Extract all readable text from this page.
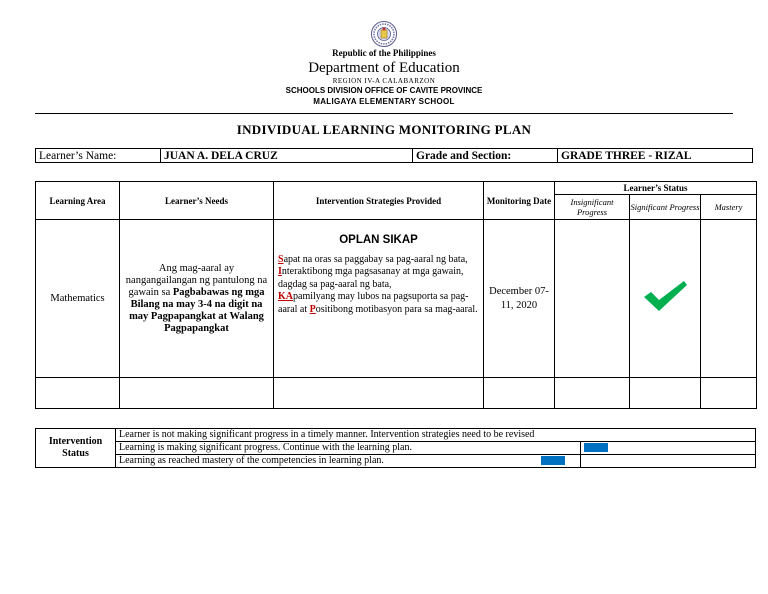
Republic of the Philippines
Department of Education
REGION IV-A CALABARZON
SCHOOLS DIVISION OFFICE OF CAVITE PROVINCE
MALIGAYA ELEMENTARY SCHOOL
INDIVIDUAL LEARNING MONITORING PLAN
Learner’s Name:	JUAN A. DELA CRUZ	Grade and Section:	GRADE THREE - RIZAL
Learning Area	Learner’s Needs	Intervention Strategies Provided	Monitoring Date	Learner’s Status		
				Insignificant Progress	Significant Progress	Mastery
Mathematics	Ang mag-aaral ay nangangailangan ng pantulong na gawain sa Pagbabawas ng mga Bilang na may 3-4 na digit na may Pagpapangkat at Walang Pagpapangkat	OPLAN SIKAP
Sapat na oras sa paggabay sa pag-aaral ng bata,
Interaktibong mga pagsasanay at mga gawain, dagdag sa pag-aaral ng bata,
KApamilyang may lubos na pagsuporta sa pag-aaral at Positibong motibasyon para sa mag-aaral.	December 07-11, 2020			

Intervention Status	Learner is not making significant progress in a timely manner. Intervention strategies need to be revised	
	Learning is making significant progress. Continue with the learning plan.	
	Learning as reached mastery of the competencies in learning plan.	
